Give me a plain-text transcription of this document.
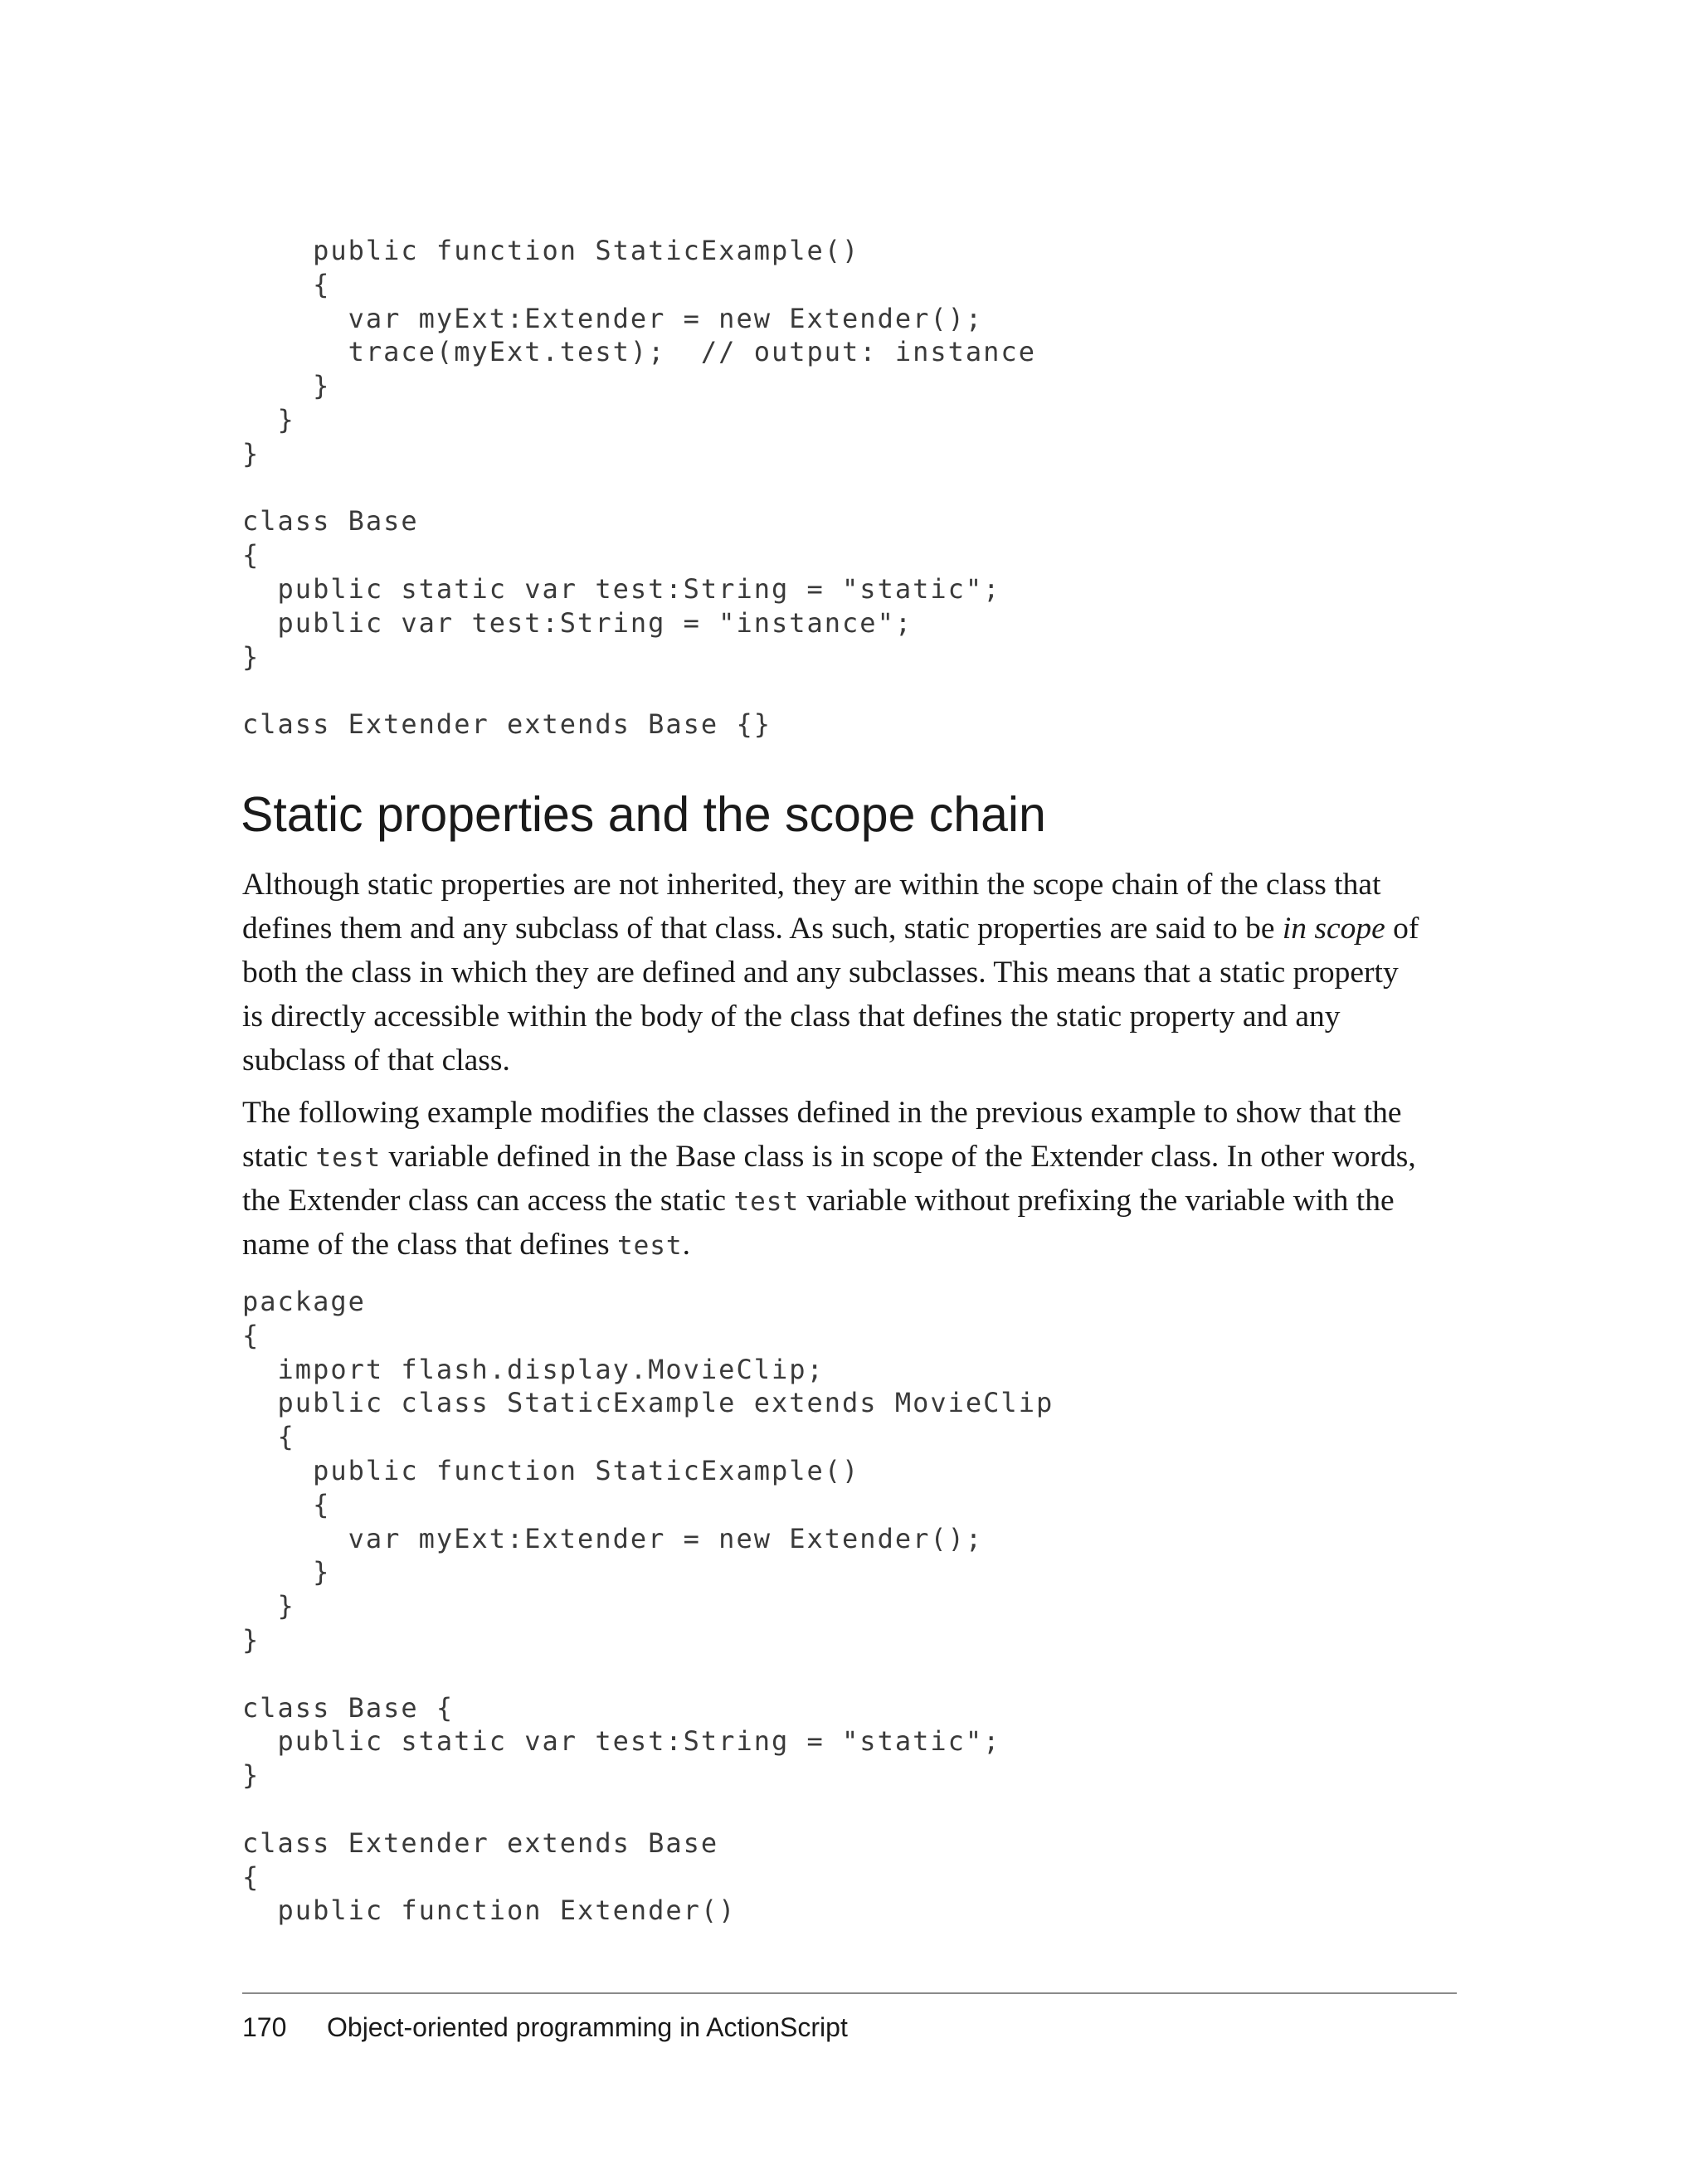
public function StaticExample()
{
var myExt:Extender = new Extender();
trace(myExt.test);  // output: instance
}
}
}
class Base
{
public static var test:String = "static";
public var test:String = "instance";
}
class Extender extends Base {}
Static properties and the scope chain

Although static properties are not inherited, they are within the scope chain of the class that
defines them and any subclass of that class. As such, static properties are said to be in scope of
both the class in which they are defined and any subclasses. This means that a static property
is directly accessible within the body of the class that defines the static property and any
subclass of that class.

The following example modifies the classes defined in the previous example to show that the
static test variable defined in the Base class is in scope of the Extender class. In other words,
the Extender class can access the static test variable without prefixing the variable with the
name of the class that defines test.

package
{
import flash.display.MovieClip;
public class StaticExample extends MovieClip
{
public function StaticExample()
{
var myExt:Extender = new Extender();
}
}
}
class Base {
public static var test:String = "static";
}
class Extender extends Base
{
public function Extender()
170 Object-oriented programming in ActionScript
